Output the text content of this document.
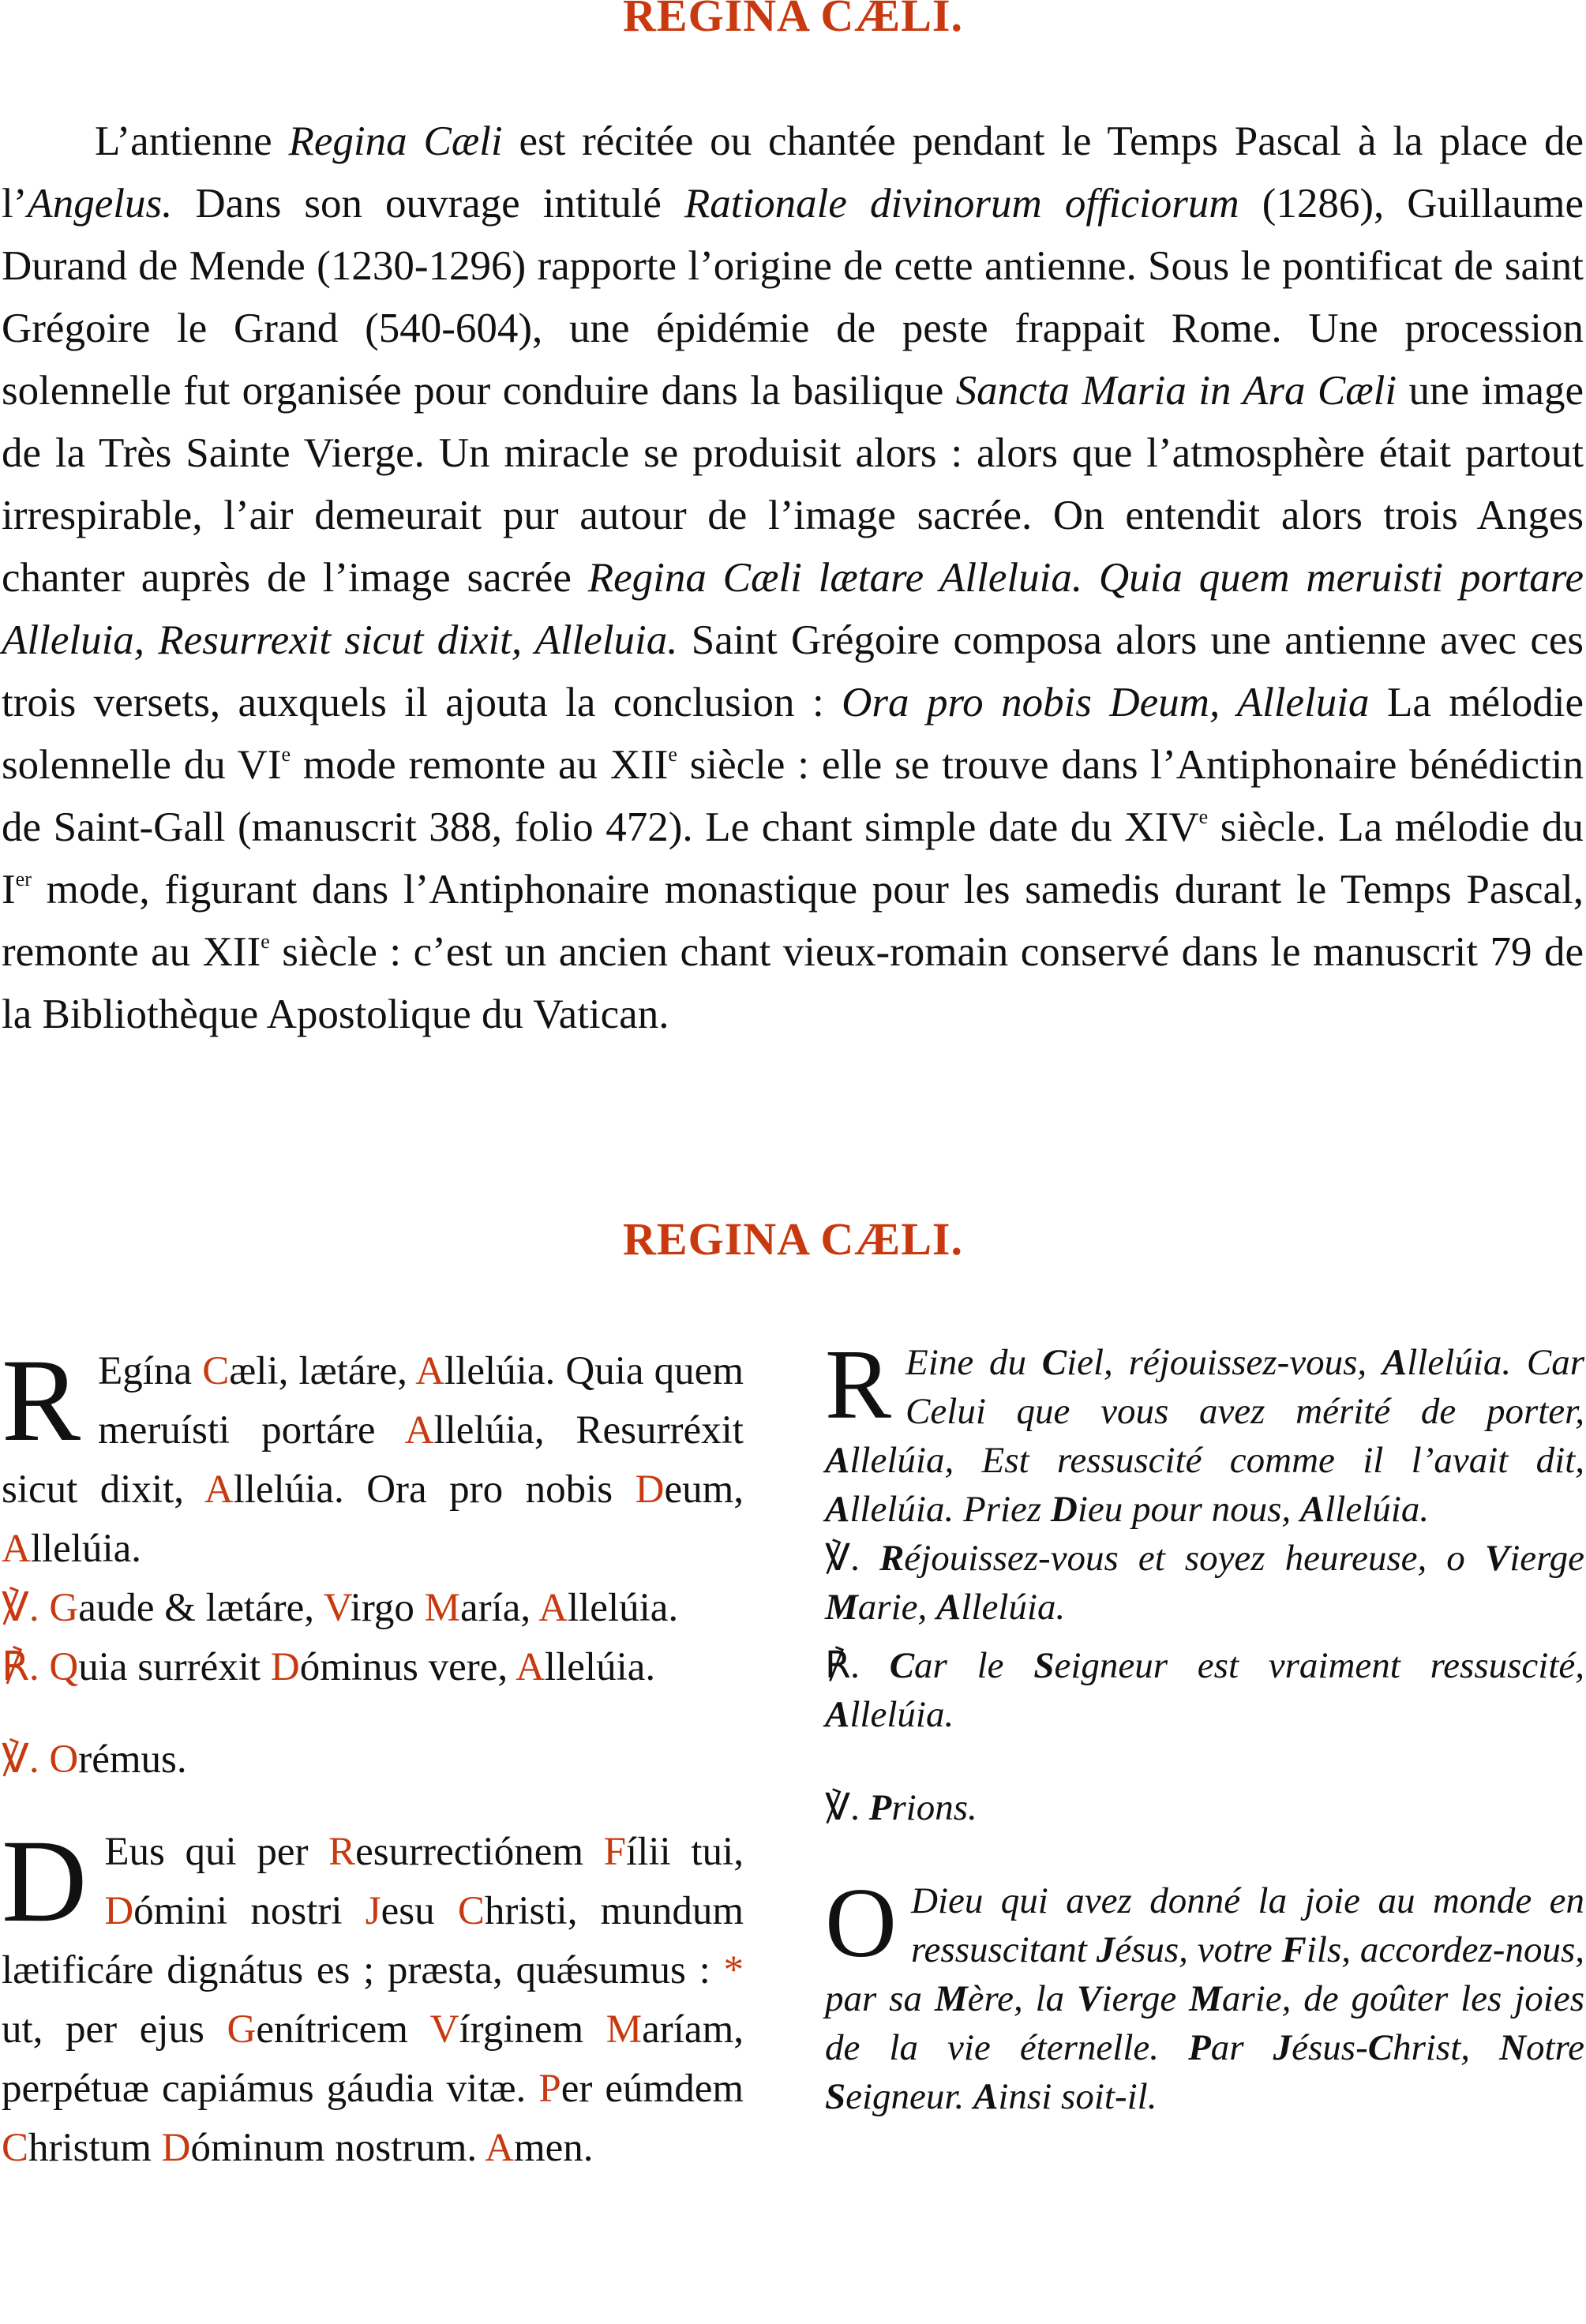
REGINA CÆLI.

L’antienne Regina Cæli est récitée ou chantée pendant le Temps Pascal à la place de l’Angelus. Dans son ouvrage intitulé Rationale divinorum officiorum (1286), Guillaume Durand de Mende (1230-1296) rapporte l’origine de cette antienne. Sous le pontificat de saint Grégoire le Grand (540-604), une épidémie de peste frappait Rome. Une procession solennelle fut organisée pour conduire dans la basilique Sancta Maria in Ara Cæli une image de la Très Sainte Vierge. Un miracle se produisit alors : alors que l’atmosphère était partout irrespirable, l’air demeurait pur autour de l’image sacrée. On entendit alors trois Anges chanter auprès de l’image sacrée Regina Cæli lætare Alleluia. Quia quem meruisti portare Alleluia, Resurrexit sicut dixit, Alleluia. Saint Grégoire composa alors une antienne avec ces trois versets, auxquels il ajouta la conclusion : Ora pro nobis Deum, Alleluia La mélodie solennelle du VIe mode remonte au XIIe siècle : elle se trouve dans l’Antiphonaire bénédictin de Saint-Gall (manuscrit 388, folio 472). Le chant simple date du XIVe siècle. La mélodie du Ier mode, figurant dans l’Antiphonaire monastique pour les samedis durant le Temps Pascal, remonte au XIIe siècle : c’est un ancien chant vieux-romain conservé dans le manuscrit 79 de la Bibliothèque Apostolique du Vatican.

REGINA CÆLI.

R Egína Cæli, lætáre, Allelúia. Quia quem meruísti portáre Allelúia, Resurréxit sicut dixit, Allelúia. Ora pro nobis Deum, Allelúia.

℣. Gaude & lætáre, Virgo María, Allelúia.

℟. Quia surréxit Dóminus vere, Allelúia.

℣. Orémus.

D Eus qui per Resurrectiónem Fílii tui, Dómini nostri Jesu Christi, mundum lætificáre dignátus es ; præsta, quǽsumus : * ut, per ejus Genítricem Vírginem Maríam, perpétuæ capiámus gáudia vitæ. Per eúmdem Christum Dóminum nostrum. Amen.

R Eine du Ciel, réjouissez-vous, Allelúia. Car Celui que vous avez mérité de porter, Allelúia, Est ressuscité comme il l’avait dit, Allelúia. Priez Dieu pour nous, Allelúia.

℣. Réjouissez-vous et soyez heureuse, o Vierge Marie, Allelúia.

℟. Car le Seigneur est vraiment ressuscité, Allelúia.

℣. Prions.

O Dieu qui avez donné la joie au monde en ressuscitant Jésus, votre Fils, accordez-nous, par sa Mère, la Vierge Marie, de goûter les joies de la vie éternelle. Par Jésus-Christ, Notre Seigneur. Ainsi soit-il.
